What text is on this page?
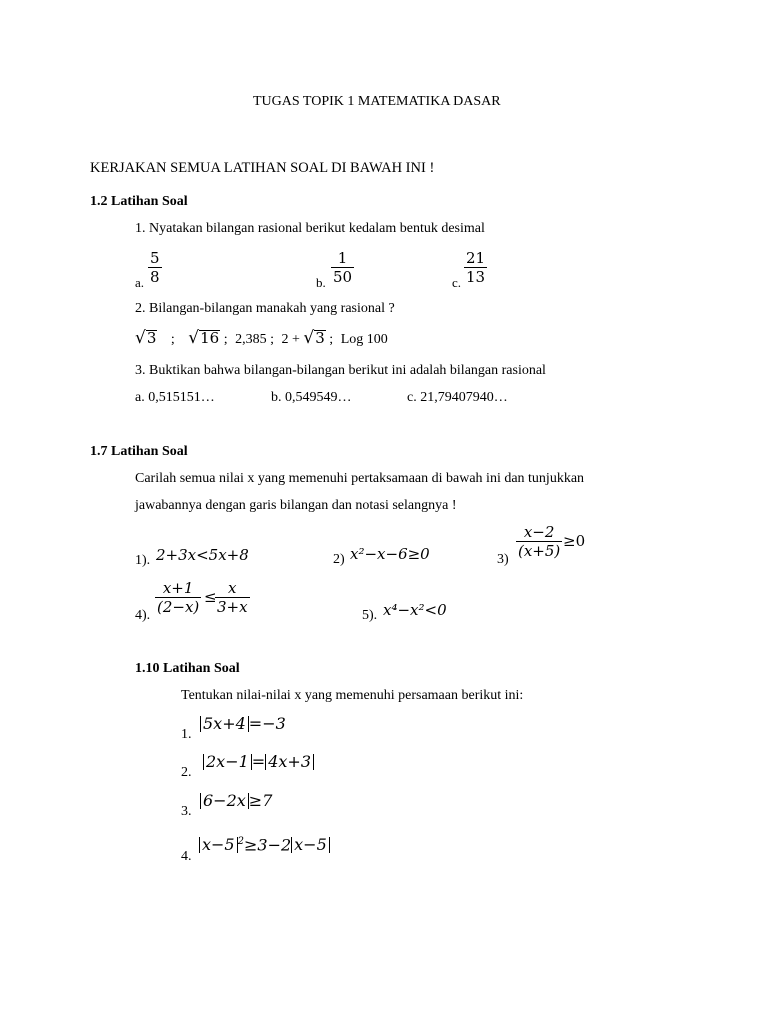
TUGAS TOPIK 1 MATEMATIKA DASAR
KERJAKAN SEMUA LATIHAN SOAL DI BAWAH INI !
1.2 Latihan Soal
1. Nyatakan bilangan rasional berikut kedalam bentuk desimal
a. $\frac{5}{8}$	b. $\frac{1}{50}$	c. $\frac{21}{13}$
2. Bilangan-bilangan manakah yang rasional ?
√3 ; √16 ; 2,385 ; 2 + √3 ; Log 100
3. Buktikan bahwa bilangan-bilangan berikut ini adalah bilangan rasional
a. 0,515151…	b. 0,549549…	c. 21,79407940…
1.7 Latihan Soal
Carilah semua nilai x yang memenuhi pertaksamaan di bawah ini dan tunjukkan
jawabannya dengan garis bilangan dan notasi selangnya !
1). 2+3x<5x+8	2) x²−x−6≥0	$3) \frac{x-2}{(x+5)} \ge 0$
4). $\frac{x+1}{(2-x)}$ ≤
$\frac{x}{3+x}$	5). x⁴−x²<0
1.10 Latihan Soal
Tentukan nilai-nilai x yang memenuhi persamaan berikut ini:
1.
5x+4 =−3
2.
2x−1 = 4x+3
3.
6−2x ≥7
4.
x−5 $^2$≥3−2 x−5
